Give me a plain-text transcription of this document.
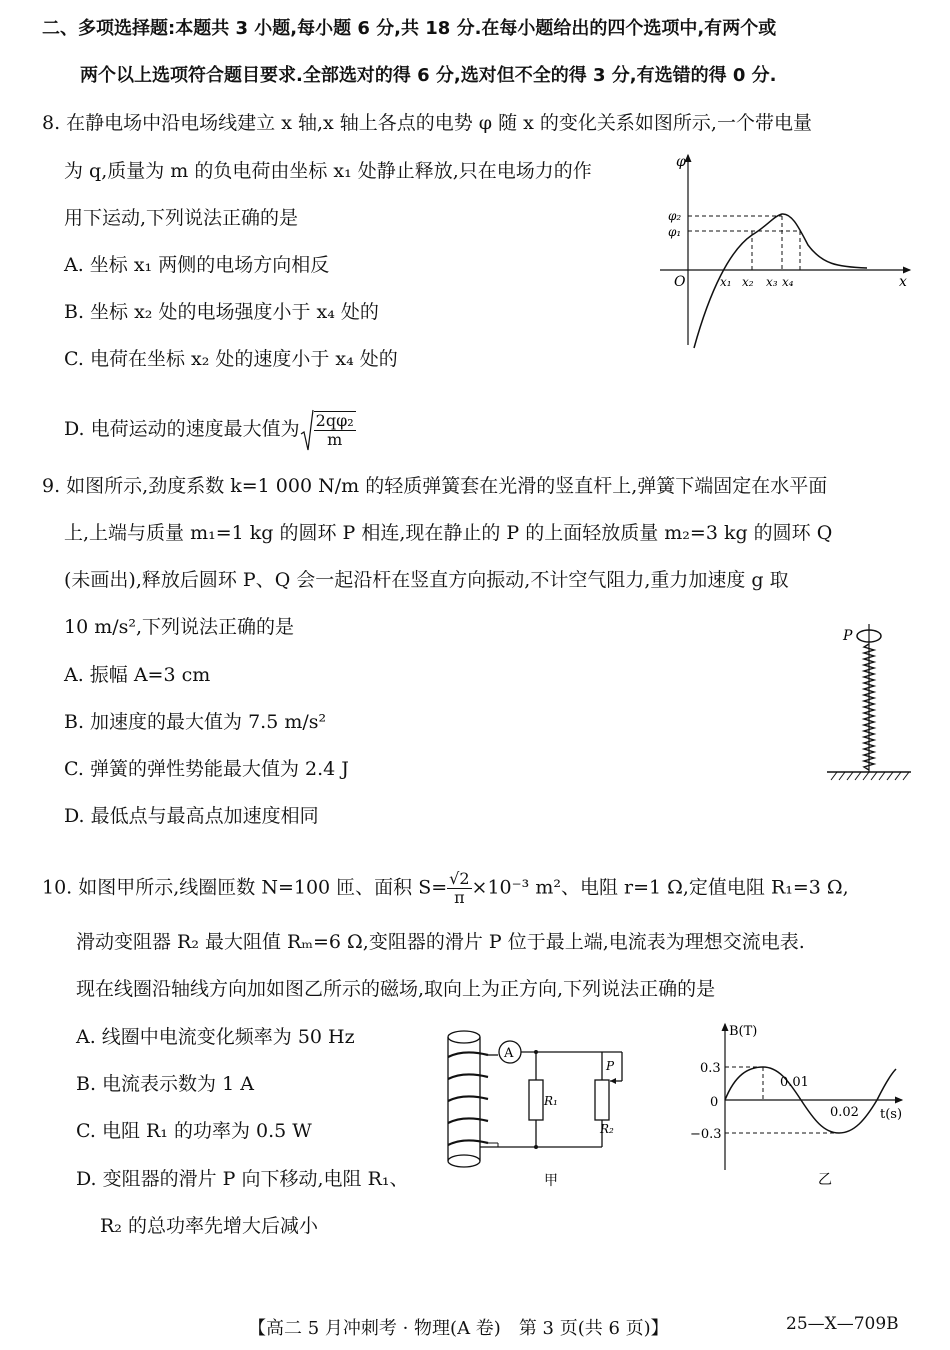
二、多项选择题:本题共 3 小题,每小题 6 分,共 18 分.在每小题给出的四个选项中,有两个或
两个以上选项符合题目要求.全部选对的得 6 分,选对但不全的得 3 分,有选错的得 0 分.
8. 在静电场中沿电场线建立 x 轴,x 轴上各点的电势 φ 随 x 的变化关系如图所示,一个带电量
为 q,质量为 m 的负电荷由坐标 x₁ 处静止释放,只在电场力的作
用下运动,下列说法正确的是
A. 坐标 x₁ 两侧的电场方向相反
B. 坐标 x₂ 处的电场强度小于 x₄ 处的
C. 电荷在坐标 x₂ 处的速度小于 x₄ 处的
D. 电荷运动的速度最大值为 $\frac{\text{2qφ₂}}{m}$
φ
x
O
φ₂
φ₁
x₁ x₂ x₃ x₄
9. 如图所示,劲度系数 k=1 000 N/m 的轻质弹簧套在光滑的竖直杆上,弹簧下端固定在水平面
上,上端与质量 m₁=1 kg 的圆环 P 相连,现在静止的 P 的上面轻放质量 m₂=3 kg 的圆环 Q
(未画出),释放后圆环 P、Q 会一起沿杆在竖直方向振动,不计空气阻力,重力加速度 g 取
10 m/s²,下列说法正确的是
A. 振幅 A=3 cm
B. 加速度的最大值为 7.5 m/s²
C. 弹簧的弹性势能最大值为 2.4 J
D. 最低点与最高点加速度相同
P
10. 如图甲所示,线圈匝数 N=100 匝、面积 $S= \frac{√2}{\pi} \times 10^{-3}$ m²、电阻 r=1 Ω,定值电阻 R₁=3 Ω,
滑动变阻器 R₂ 最大阻值 Rₘ=6 Ω,变阻器的滑片 P 位于最上端,电流表为理想交流电表.
现在线圈沿轴线方向加如图乙所示的磁场,取向上为正方向,下列说法正确的是
A. 线圈中电流变化频率为 50 Hz
B. 电流表示数为 1 A
C. 电阻 R₁ 的功率为 0.5 W
D. 变阻器的滑片 P 向下移动,电阻 R₁、
R₂ 的总功率先增大后减小
A
R₁
P
R₂
甲
B(T)
t(s)
0.3
0
−0.3
0.01
0.02
乙
【高二 5 月冲刺考 · 物理(A 卷)　第 3 页(共 6 页)】	25—X—709B
